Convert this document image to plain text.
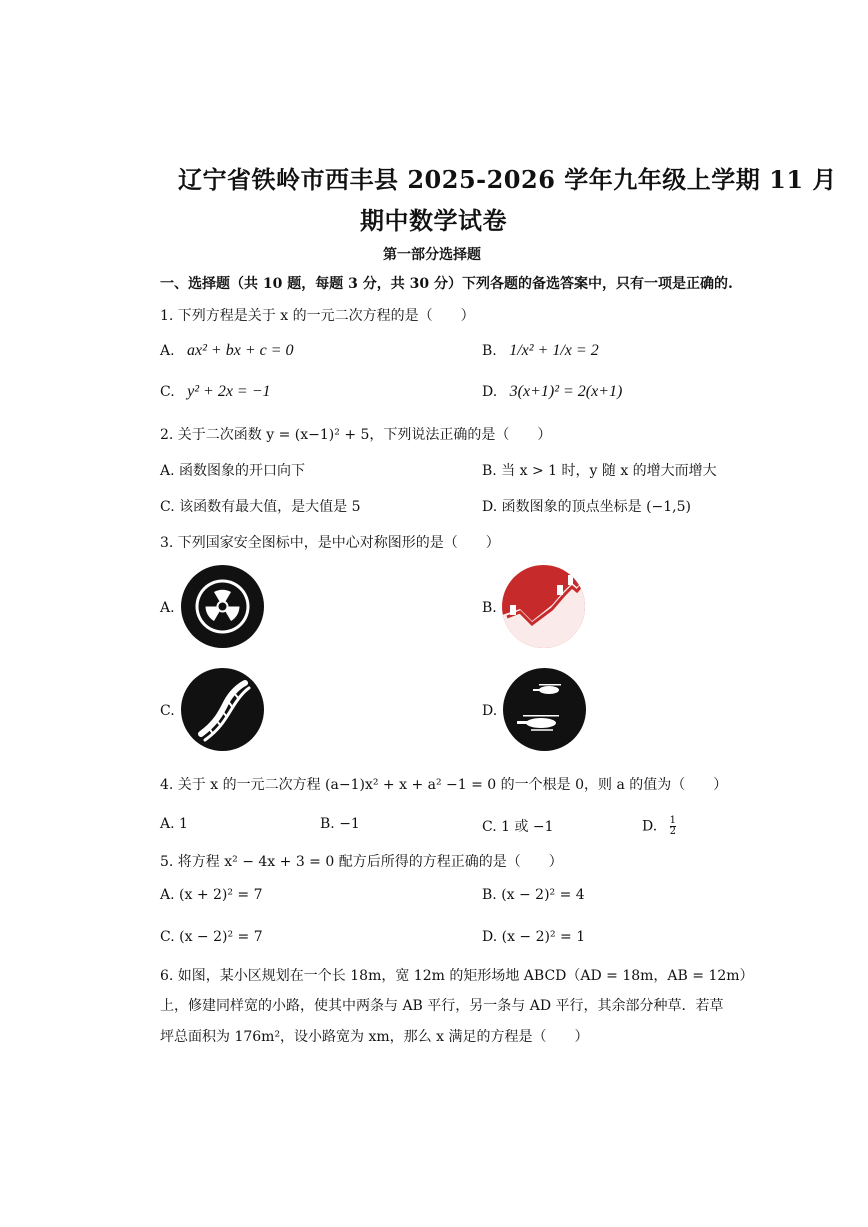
辽宁省铁岭市西丰县 2025-2026 学年九年级上学期 11 月
期中数学试卷
第一部分选择题
一、选择题（共 10 题，每题 3 分，共 30 分）下列各题的备选答案中，只有一项是正确的.
1. 下列方程是关于 x 的一元二次方程的是（　　）
A. ax² + bx + c = 0	B. 1/x² + 1/x = 2
C. y² + 2x = −1	D. 3(x+1)² = 2(x+1)
2. 关于二次函数 y = (x−1)² + 5，下列说法正确的是（　　）
A. 函数图象的开口向下	B. 当 x > 1 时，y 随 x 的增大而增大
C. 该函数有最大值，是大值是 5	D. 函数图象的顶点坐标是 (−1,5)
3. 下列国家安全图标中，是中心对称图形的是（　　）
A.	B.
C.	D.
4. 关于 x 的一元二次方程 (a−1)x² + x + a² −1 = 0 的一个根是 0，则 a 的值为（　　）
A. 1	B. −1	C. 1 或 −1	D. $\frac{1}{2}$
5. 将方程 x² − 4x + 3 = 0 配方后所得的方程正确的是（　　）
A. (x + 2)² = 7	B. (x − 2)² = 4
C. (x − 2)² = 7	D. (x − 2)² = 1
6. 如图，某小区规划在一个长 18m，宽 12m 的矩形场地 ABCD（AD = 18m，AB = 12m）
上，修建同样宽的小路，使其中两条与 AB 平行，另一条与 AD 平行，其余部分种草．若草
坪总面积为 176m²，设小路宽为 xm，那么 x 满足的方程是（　　）
